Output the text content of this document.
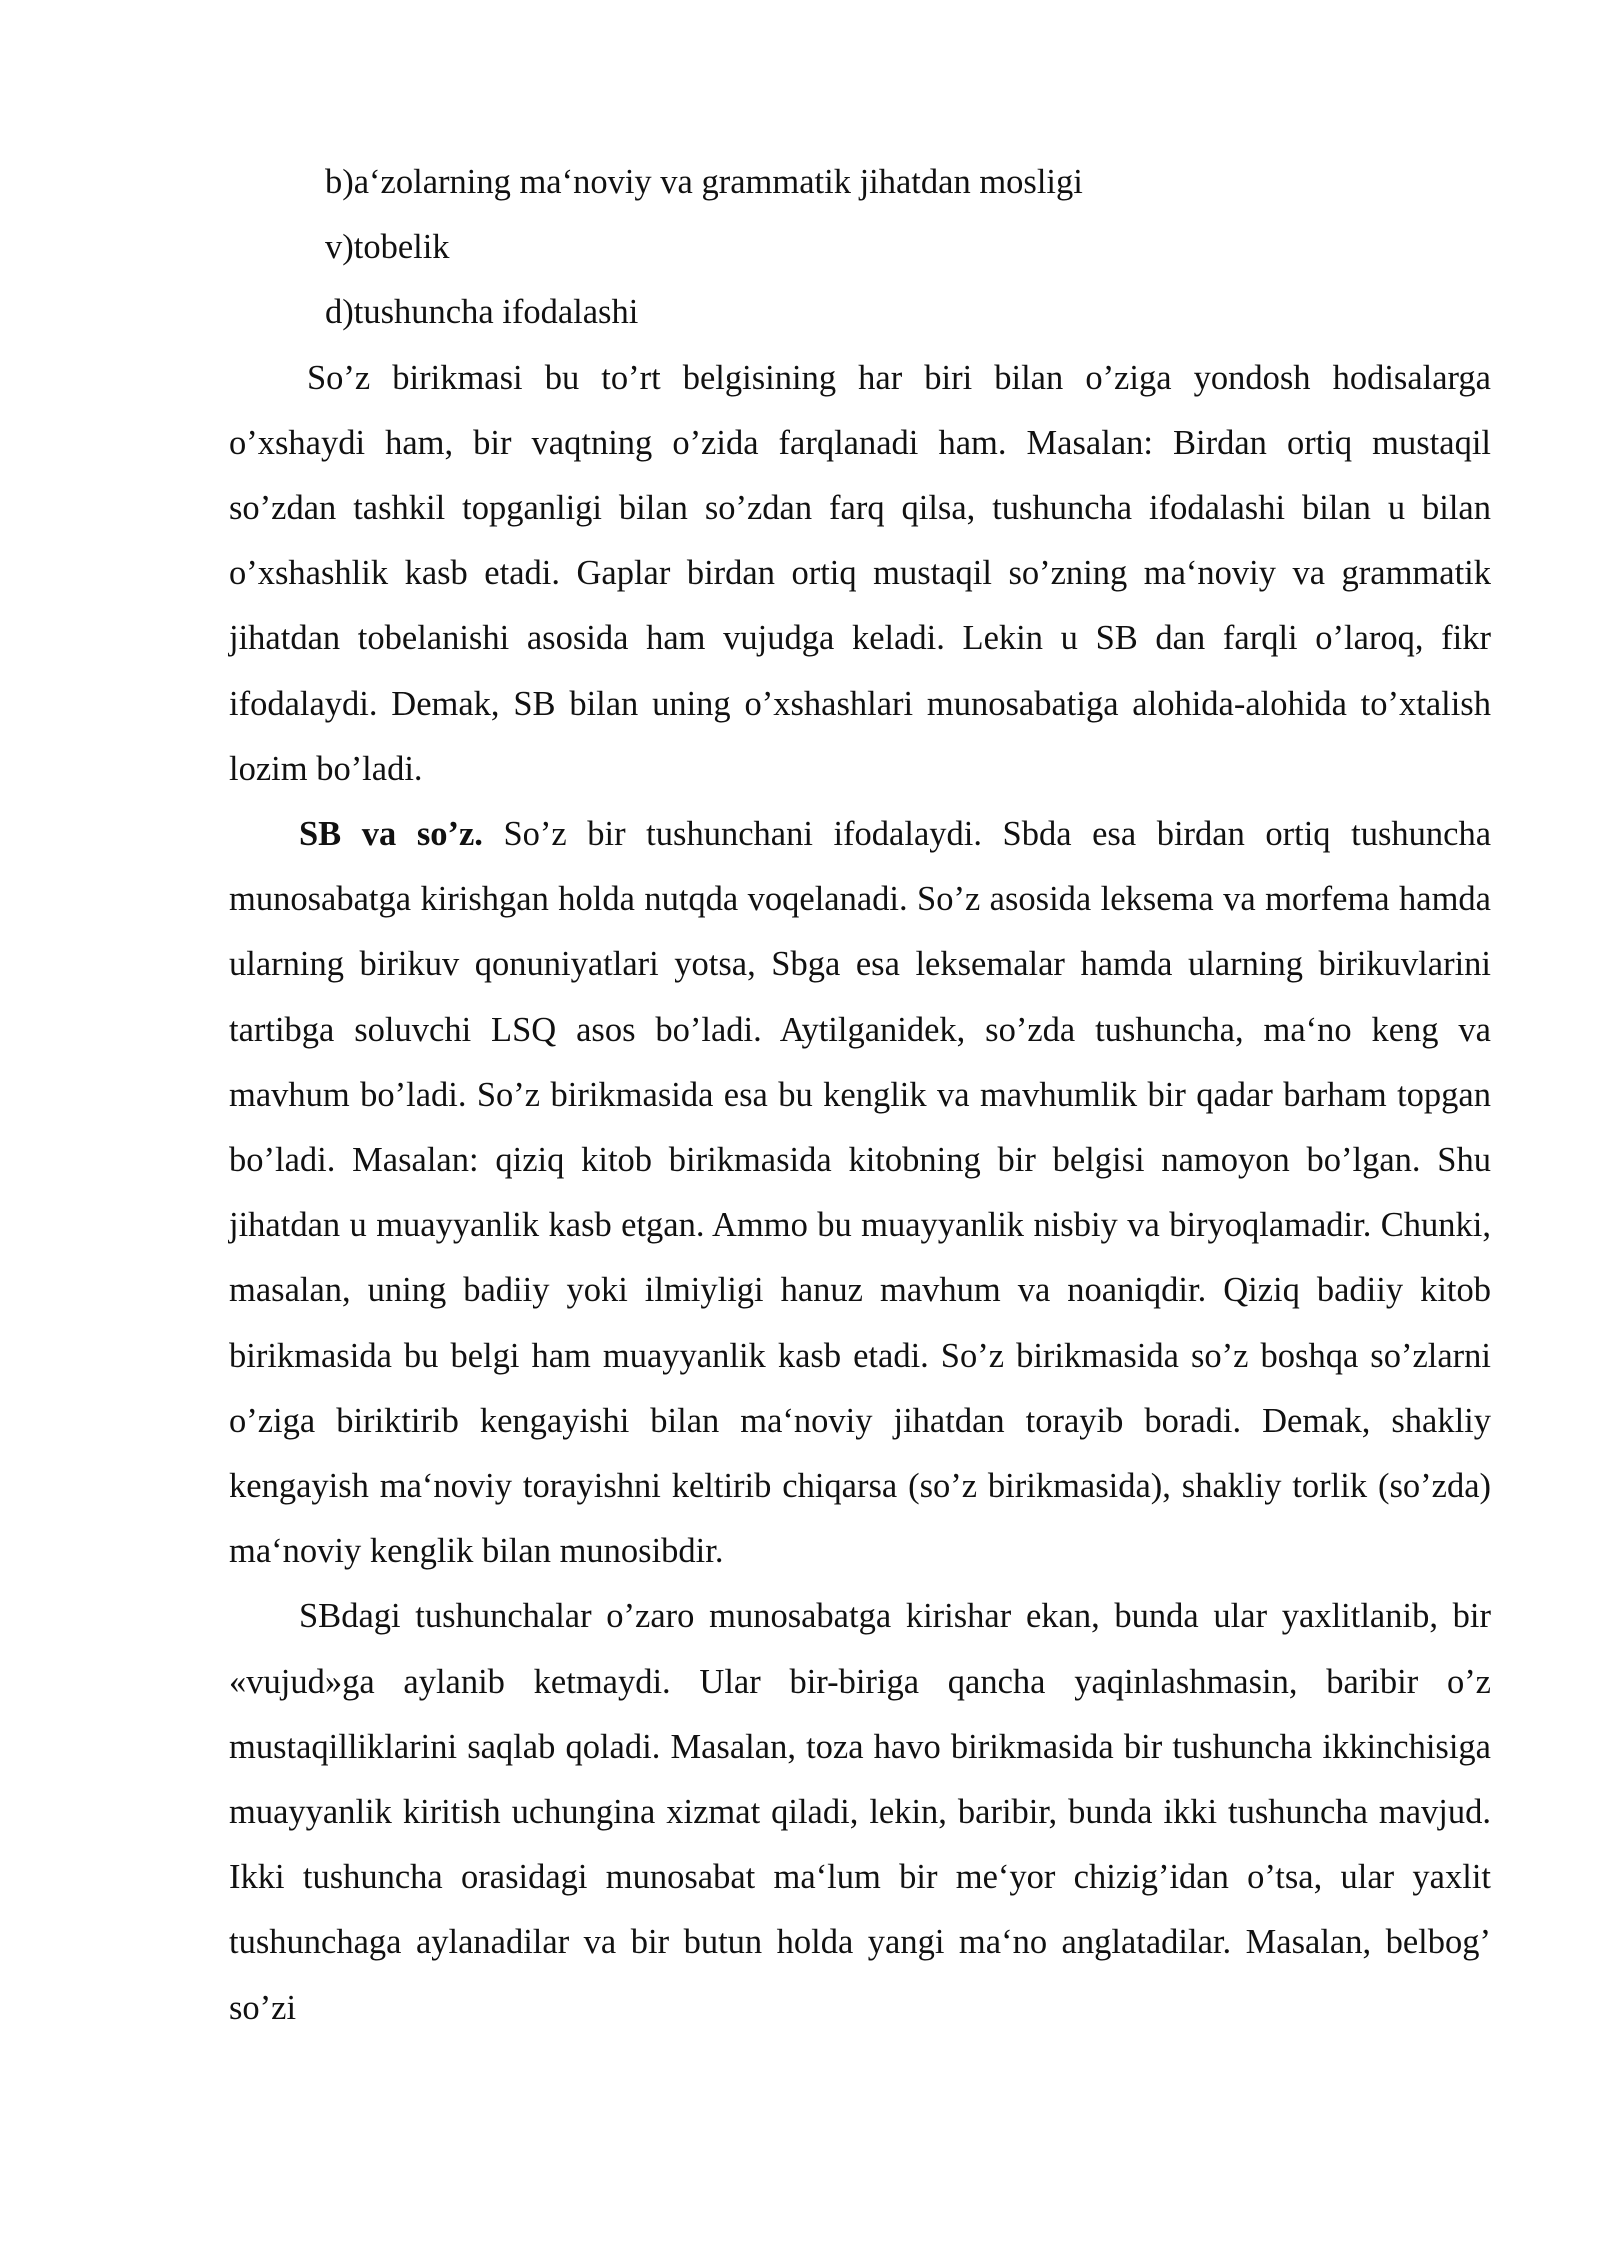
b)a‘zolarning ma‘noviy va grammatik jihatdan mosligi
v)tobelik
d)tushuncha ifodalashi

So’z birikmasi bu to’rt belgisining har biri bilan o’ziga yondosh hodisalarga o’xshaydi ham, bir vaqtning o’zida farqlanadi ham. Masalan: Birdan ortiq mustaqil so’zdan tashkil topganligi bilan so’zdan farq qilsa, tushuncha ifodalashi bilan u bilan o’xshashlik kasb etadi. Gaplar birdan ortiq mustaqil so’zning ma‘noviy va grammatik jihatdan tobelanishi asosida ham vujudga keladi. Lekin u SB dan farqli o’laroq, fikr ifodalaydi. Demak, SB bilan uning o’xshashlari munosabatiga alohida-alohida to’xtalish lozim bo’ladi.

SB va so’z. So’z bir tushunchani ifodalaydi. Sbda esa birdan ortiq tushuncha munosabatga kirishgan holda nutqda voqelanadi. So’z asosida leksema va morfema hamda ularning birikuv qonuniyatlari yotsa, Sbga esa leksemalar hamda ularning birikuvlarini tartibga soluvchi LSQ asos bo’ladi. Aytilganidek, so’zda tushuncha, ma‘no keng va mavhum bo’ladi. So’z birikmasida esa bu kenglik va mavhumlik bir qadar barham topgan bo’ladi. Masalan: qiziq kitob birikmasida kitobning bir belgisi namoyon bo’lgan. Shu jihatdan u muayyanlik kasb etgan. Ammo bu muayyanlik nisbiy va biryoqlamadir. Chunki, masalan, uning badiiy yoki ilmiyligi hanuz mavhum va noaniqdir. Qiziq badiiy kitob birikmasida bu belgi ham muayyanlik kasb etadi. So’z birikmasida so’z boshqa so’zlarni o’ziga biriktirib kengayishi bilan ma‘noviy jihatdan torayib boradi. Demak, shakliy kengayish ma‘noviy torayishni keltirib chiqarsa (so’z birikmasida), shakliy torlik (so’zda) ma‘noviy kenglik bilan munosibdir.

SBdagi tushunchalar o’zaro munosabatga kirishar ekan, bunda ular yaxlitlanib, bir «vujud»ga aylanib ketmaydi. Ular bir-biriga qancha yaqinlashmasin, baribir o’z mustaqilliklarini saqlab qoladi. Masalan, toza havo birikmasida bir tushuncha ikkinchisiga muayyanlik kiritish uchungina xizmat qiladi, lekin, baribir, bunda ikki tushuncha mavjud. Ikki tushuncha orasidagi munosabat ma‘lum bir me‘yor chizig’idan o’tsa, ular yaxlit tushunchaga aylanadilar va bir butun holda yangi ma‘no anglatadilar. Masalan, belbog’ so’zi
